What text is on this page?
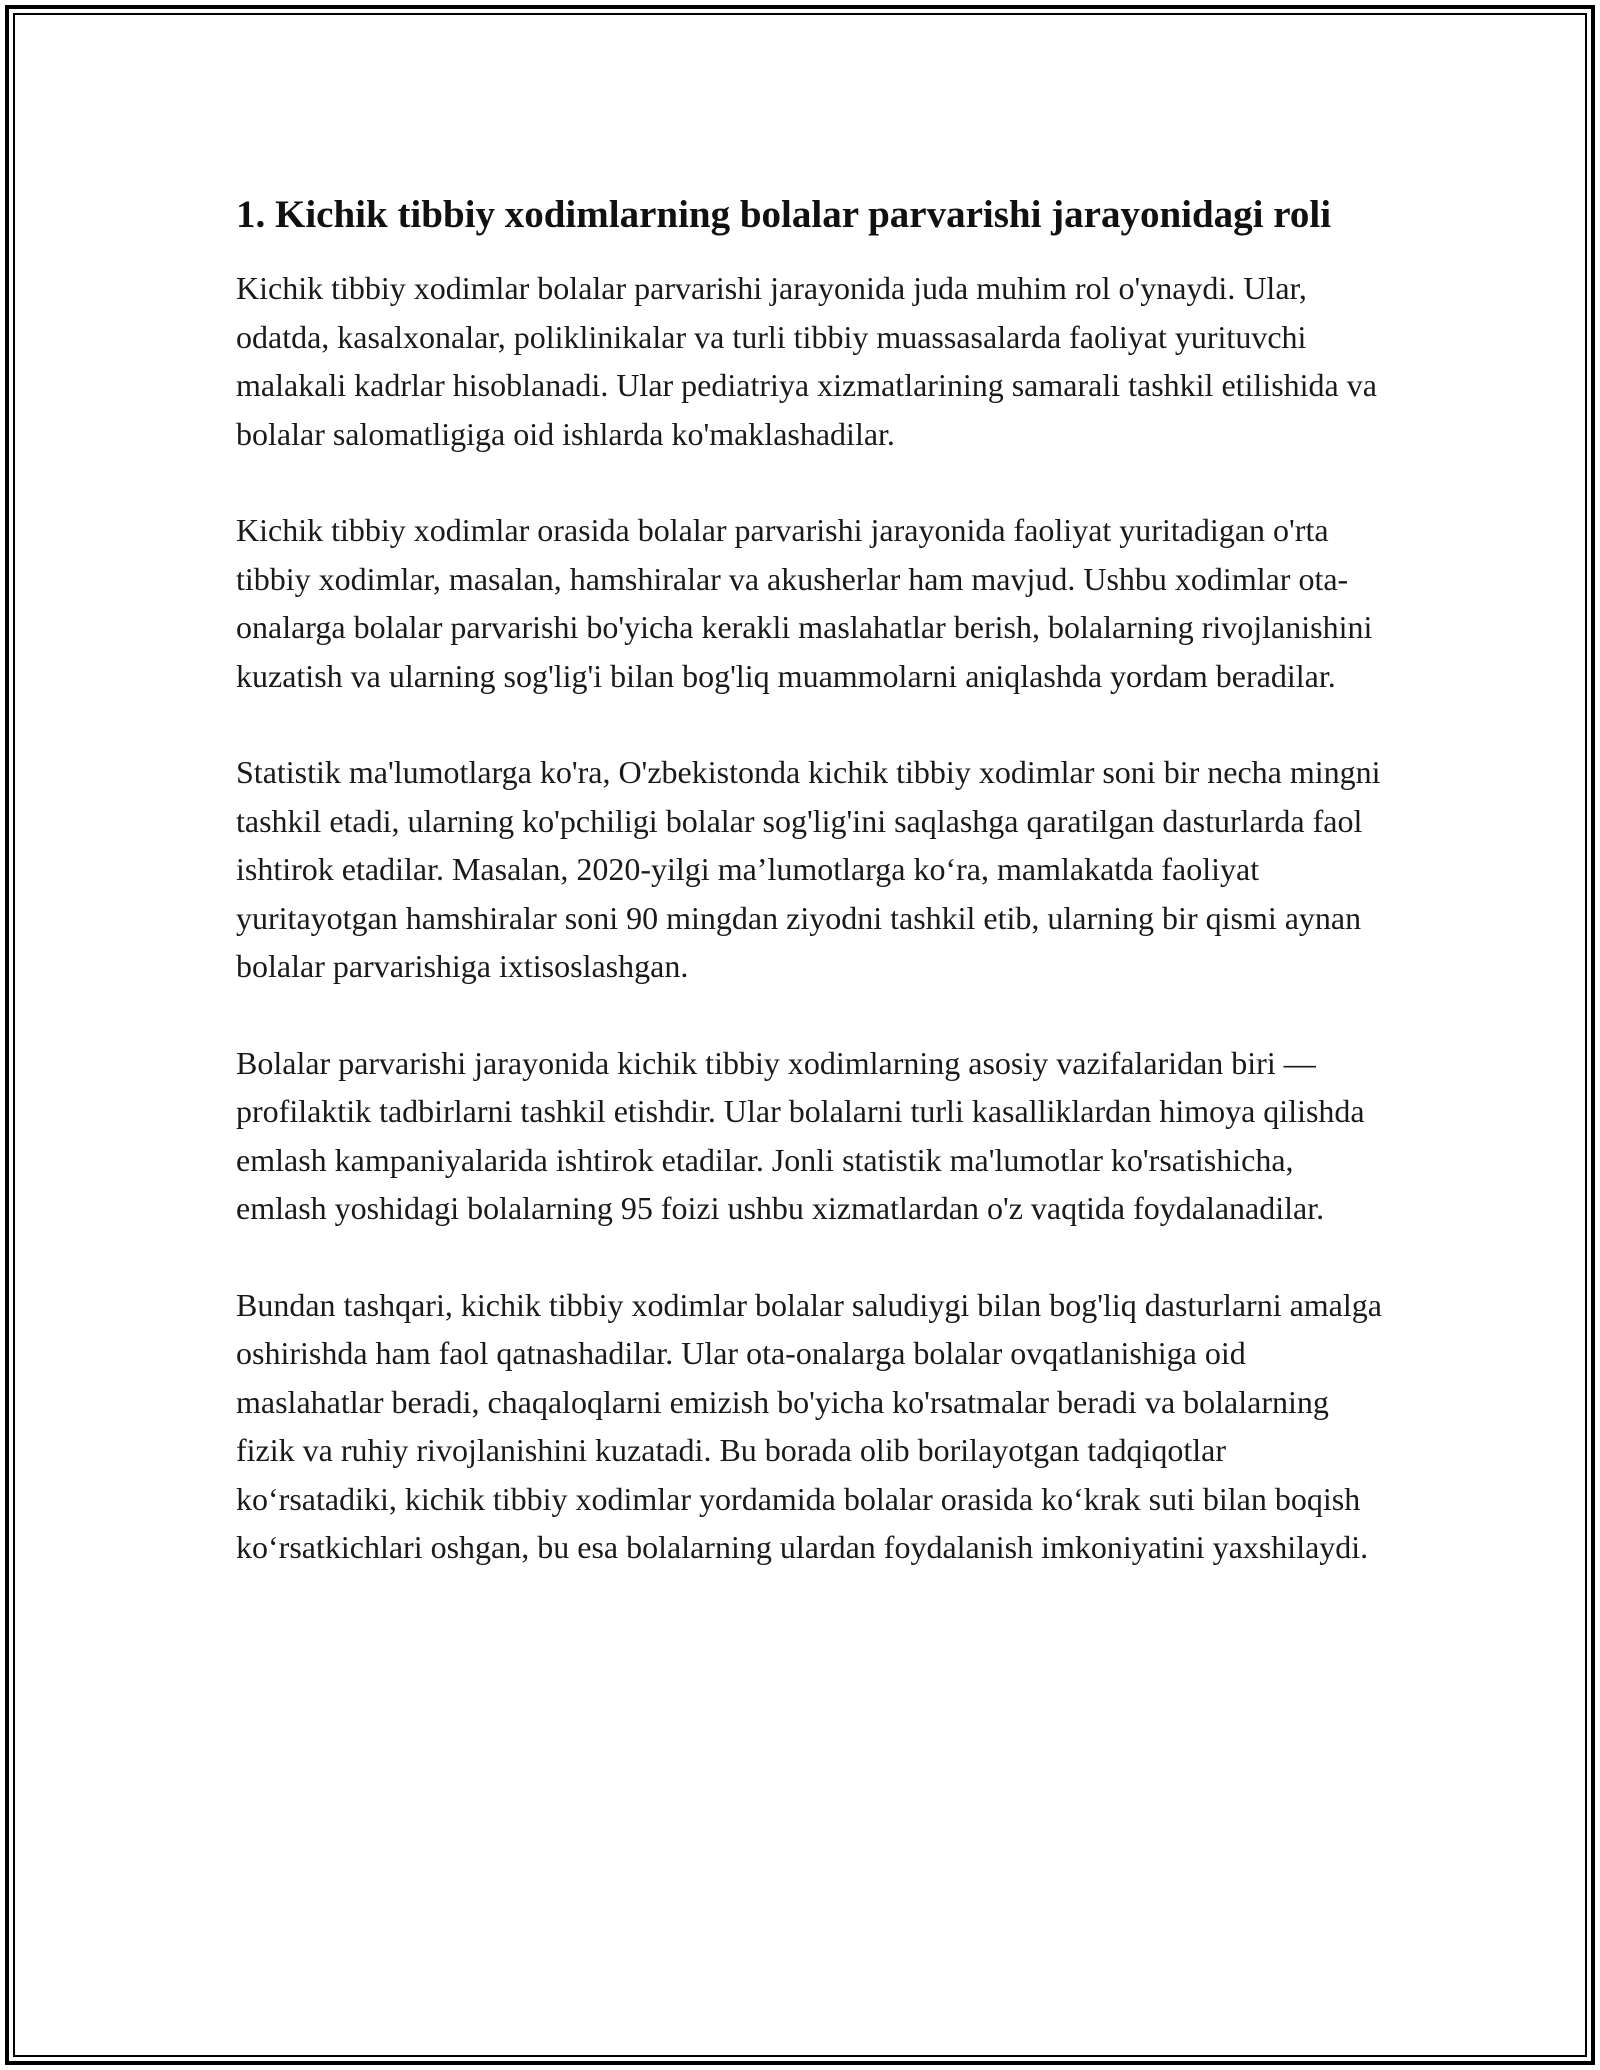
1. Kichik tibbiy xodimlarning bolalar parvarishi jarayonidagi roli

Kichik tibbiy xodimlar bolalar parvarishi jarayonida juda muhim rol o'ynaydi. Ular, odatda, kasalxonalar, poliklinikalar va turli tibbiy muassasalarda faoliyat yurituvchi malakali kadrlar hisoblanadi. Ular pediatriya xizmatlarining samarali tashkil etilishida va bolalar salomatligiga oid ishlarda ko'maklashadilar.

Kichik tibbiy xodimlar orasida bolalar parvarishi jarayonida faoliyat yuritadigan o'rta tibbiy xodimlar, masalan, hamshiralar va akusherlar ham mavjud. Ushbu xodimlar ota-onalarga bolalar parvarishi bo'yicha kerakli maslahatlar berish, bolalarning rivojlanishini kuzatish va ularning sog'lig'i bilan bog'liq muammolarni aniqlashda yordam beradilar.

Statistik ma'lumotlarga ko'ra, O'zbekistonda kichik tibbiy xodimlar soni bir necha mingni tashkil etadi, ularning ko'pchiligi bolalar sog'lig'ini saqlashga qaratilgan dasturlarda faol ishtirok etadilar. Masalan, 2020-yilgi ma’lumotlarga ko‘ra, mamlakatda faoliyat yuritayotgan hamshiralar soni 90 mingdan ziyodni tashkil etib, ularning bir qismi aynan bolalar parvarishiga ixtisoslashgan.

Bolalar parvarishi jarayonida kichik tibbiy xodimlarning asosiy vazifalaridan biri — profilaktik tadbirlarni tashkil etishdir. Ular bolalarni turli kasalliklardan himoya qilishda emlash kampaniyalarida ishtirok etadilar. Jonli statistik ma'lumotlar ko'rsatishicha, emlash yoshidagi bolalarning 95 foizi ushbu xizmatlardan o'z vaqtida foydalanadilar.

Bundan tashqari, kichik tibbiy xodimlar bolalar saludiygi bilan bog'liq dasturlarni amalga oshirishda ham faol qatnashadilar. Ular ota-onalarga bolalar ovqatlanishiga oid maslahatlar beradi, chaqaloqlarni emizish bo'yicha ko'rsatmalar beradi va bolalarning fizik va ruhiy rivojlanishini kuzatadi. Bu borada olib borilayotgan tadqiqotlar ko‘rsatadiki, kichik tibbiy xodimlar yordamida bolalar orasida ko‘krak suti bilan boqish ko‘rsatkichlari oshgan, bu esa bolalarning ulardan foydalanish imkoniyatini yaxshilaydi.
